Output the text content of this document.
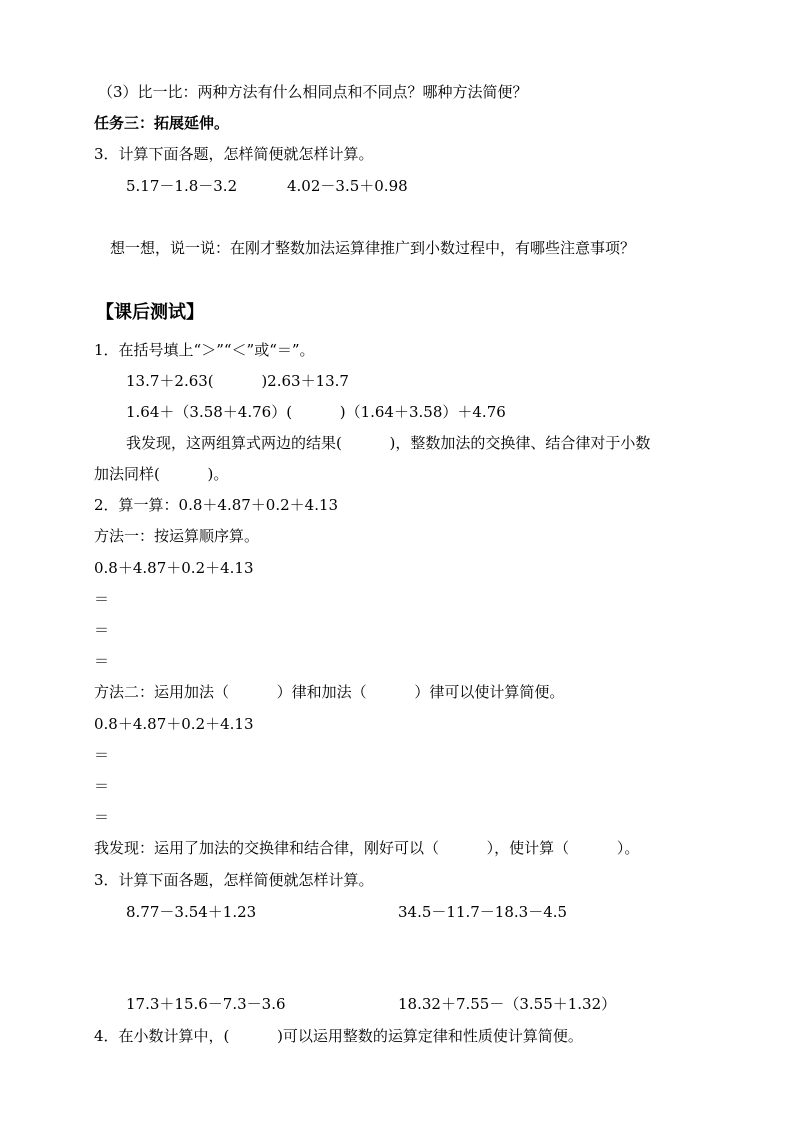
（3）比一比：两种方法有什么相同点和不同点？哪种方法简便？
任务三：拓展延伸。
3．计算下面各题，怎样简便就怎样计算。
5.17－1.8－3.2	4.02－3.5＋0.98
想一想，说一说：在刚才整数加法运算律推广到小数过程中，有哪些注意事项？
【课后测试】
1．在括号填上“＞”“＜”或“＝”。
13.7＋2.63(          )2.63＋13.7
1.64＋（3.58＋4.76）(          )（1.64＋3.58）＋4.76
我发现，这两组算式两边的结果(          )，整数加法的交换律、结合律对于小数
加法同样(          )。
2．算一算：0.8＋4.87＋0.2＋4.13
方法一：按运算顺序算。
0.8＋4.87＋0.2＋4.13
＝
＝
＝
方法二：运用加法（          ）律和加法（          ）律可以使计算简便。
0.8＋4.87＋0.2＋4.13
＝
＝
＝
我发现：运用了加法的交换律和结合律，刚好可以（          ），使计算（          ）。
3．计算下面各题，怎样简便就怎样计算。
8.77－3.54＋1.23	34.5－11.7－18.3－4.5
17.3＋15.6－7.3－3.6	18.32＋7.55－（3.55＋1.32）
4．在小数计算中，(          )可以运用整数的运算定律和性质使计算简便。
